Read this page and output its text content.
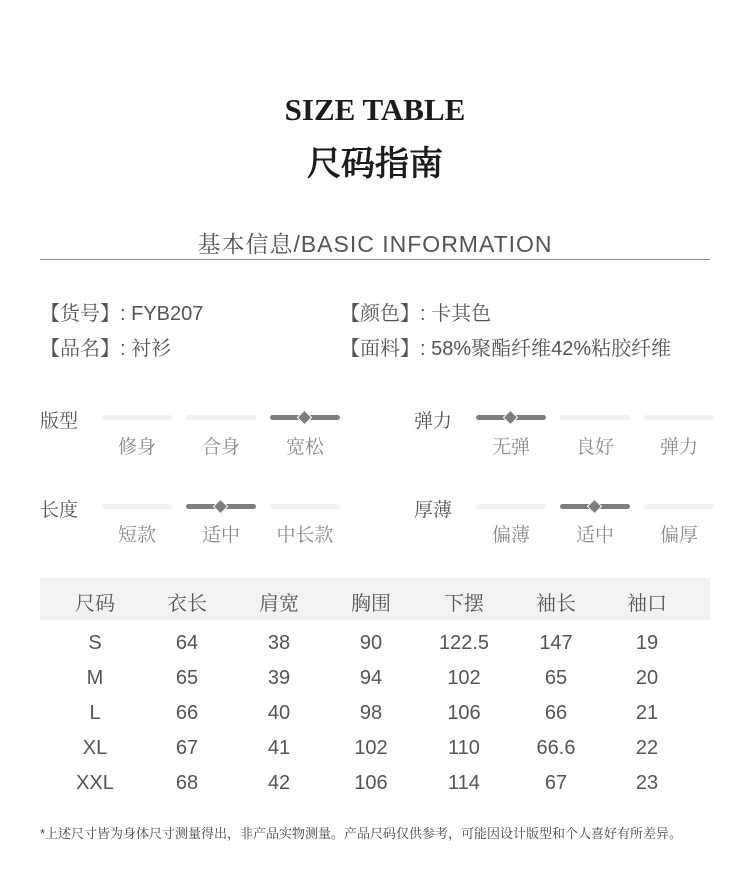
SIZE TABLE
尺码指南
基本信息/BASIC INFORMATION
【货号】: FYB207	【颜色】: 卡其色
【品名】: 衬衫	【面料】: 58%聚酯纤维42%粘胶纤维
版型
修身	合身	宽松
弹力
无弹	良好	弹力
长度
短款	适中	中长款
厚薄
偏薄	适中	偏厚
尺码	衣长	肩宽	胸围	下摆	袖长	袖口
S	64	38	90	122.5	147	19
M	65	39	94	102	65	20
L	66	40	98	106	66	21
XL	67	41	102	110	66.6	22
XXL	68	42	106	114	67	23
*上述尺寸皆为身体尺寸测量得出，非产品实物测量。产品尺码仅供参考，可能因设计版型和个人喜好有所差异。
